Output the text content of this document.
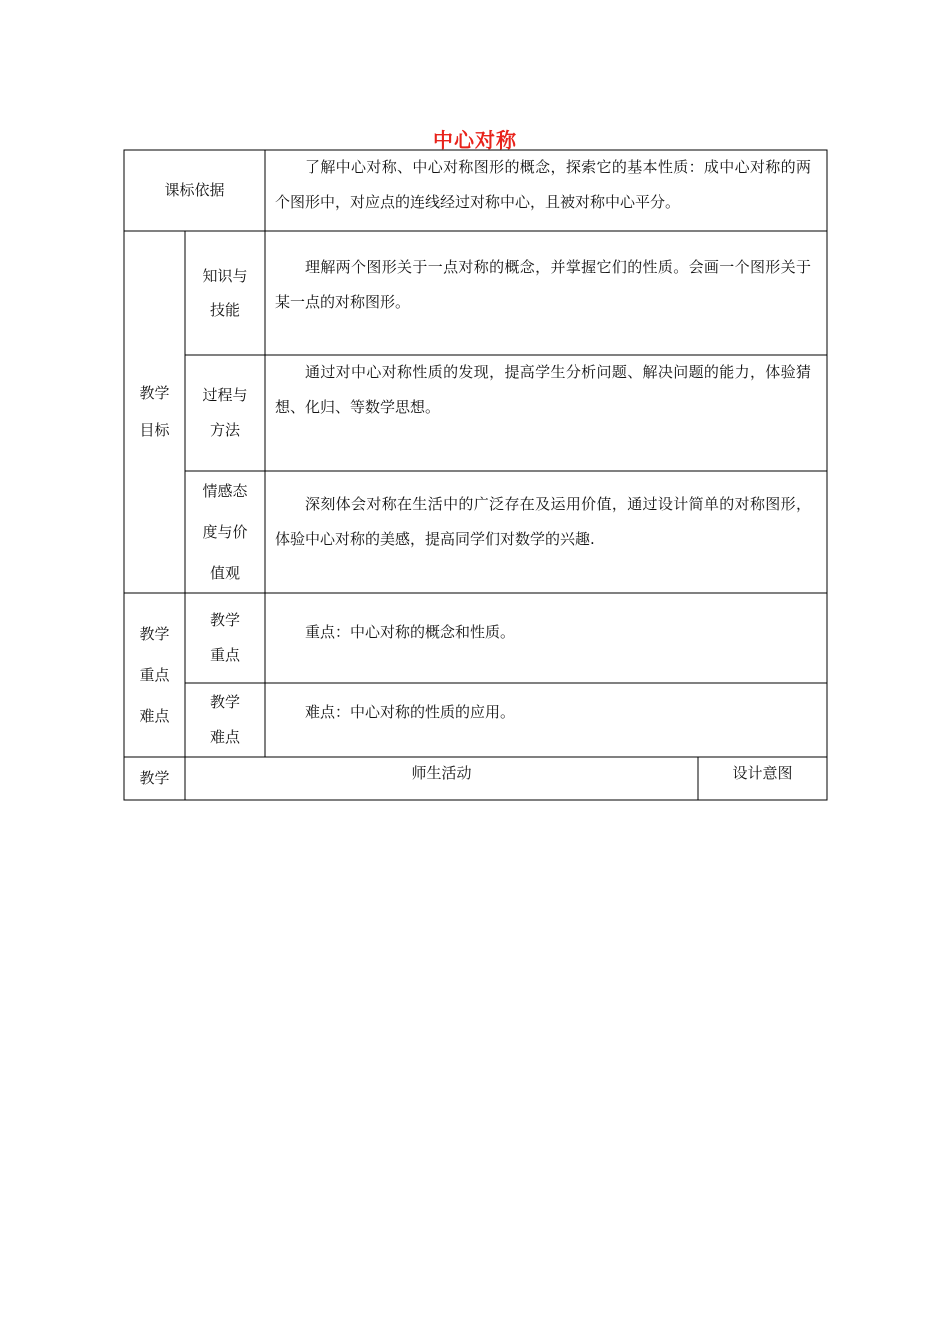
中心对称
课标依据
了解中心对称、中心对称图形的概念，探索它的基本性质：成中心对称的两个图形中，对应点的连线经过对称中心，且被对称中心平分。
教学
目标
知识与
技能
理解两个图形关于一点对称的概念，并掌握它们的性质。会画一个图形关于某一点的对称图形。
过程与
方法
通过对中心对称性质的发现，提高学生分析问题、解决问题的能力，体验猜想、化归、等数学思想。
情感态
度与价
值观
深刻体会对称在生活中的广泛存在及运用价值，通过设计简单的对称图形，体验中心对称的美感，提高同学们对数学的兴趣.
教学
重点
难点
教学
重点
重点：中心对称的概念和性质。
教学
难点
难点：中心对称的性质的应用。
教学	师生活动	设计意图
